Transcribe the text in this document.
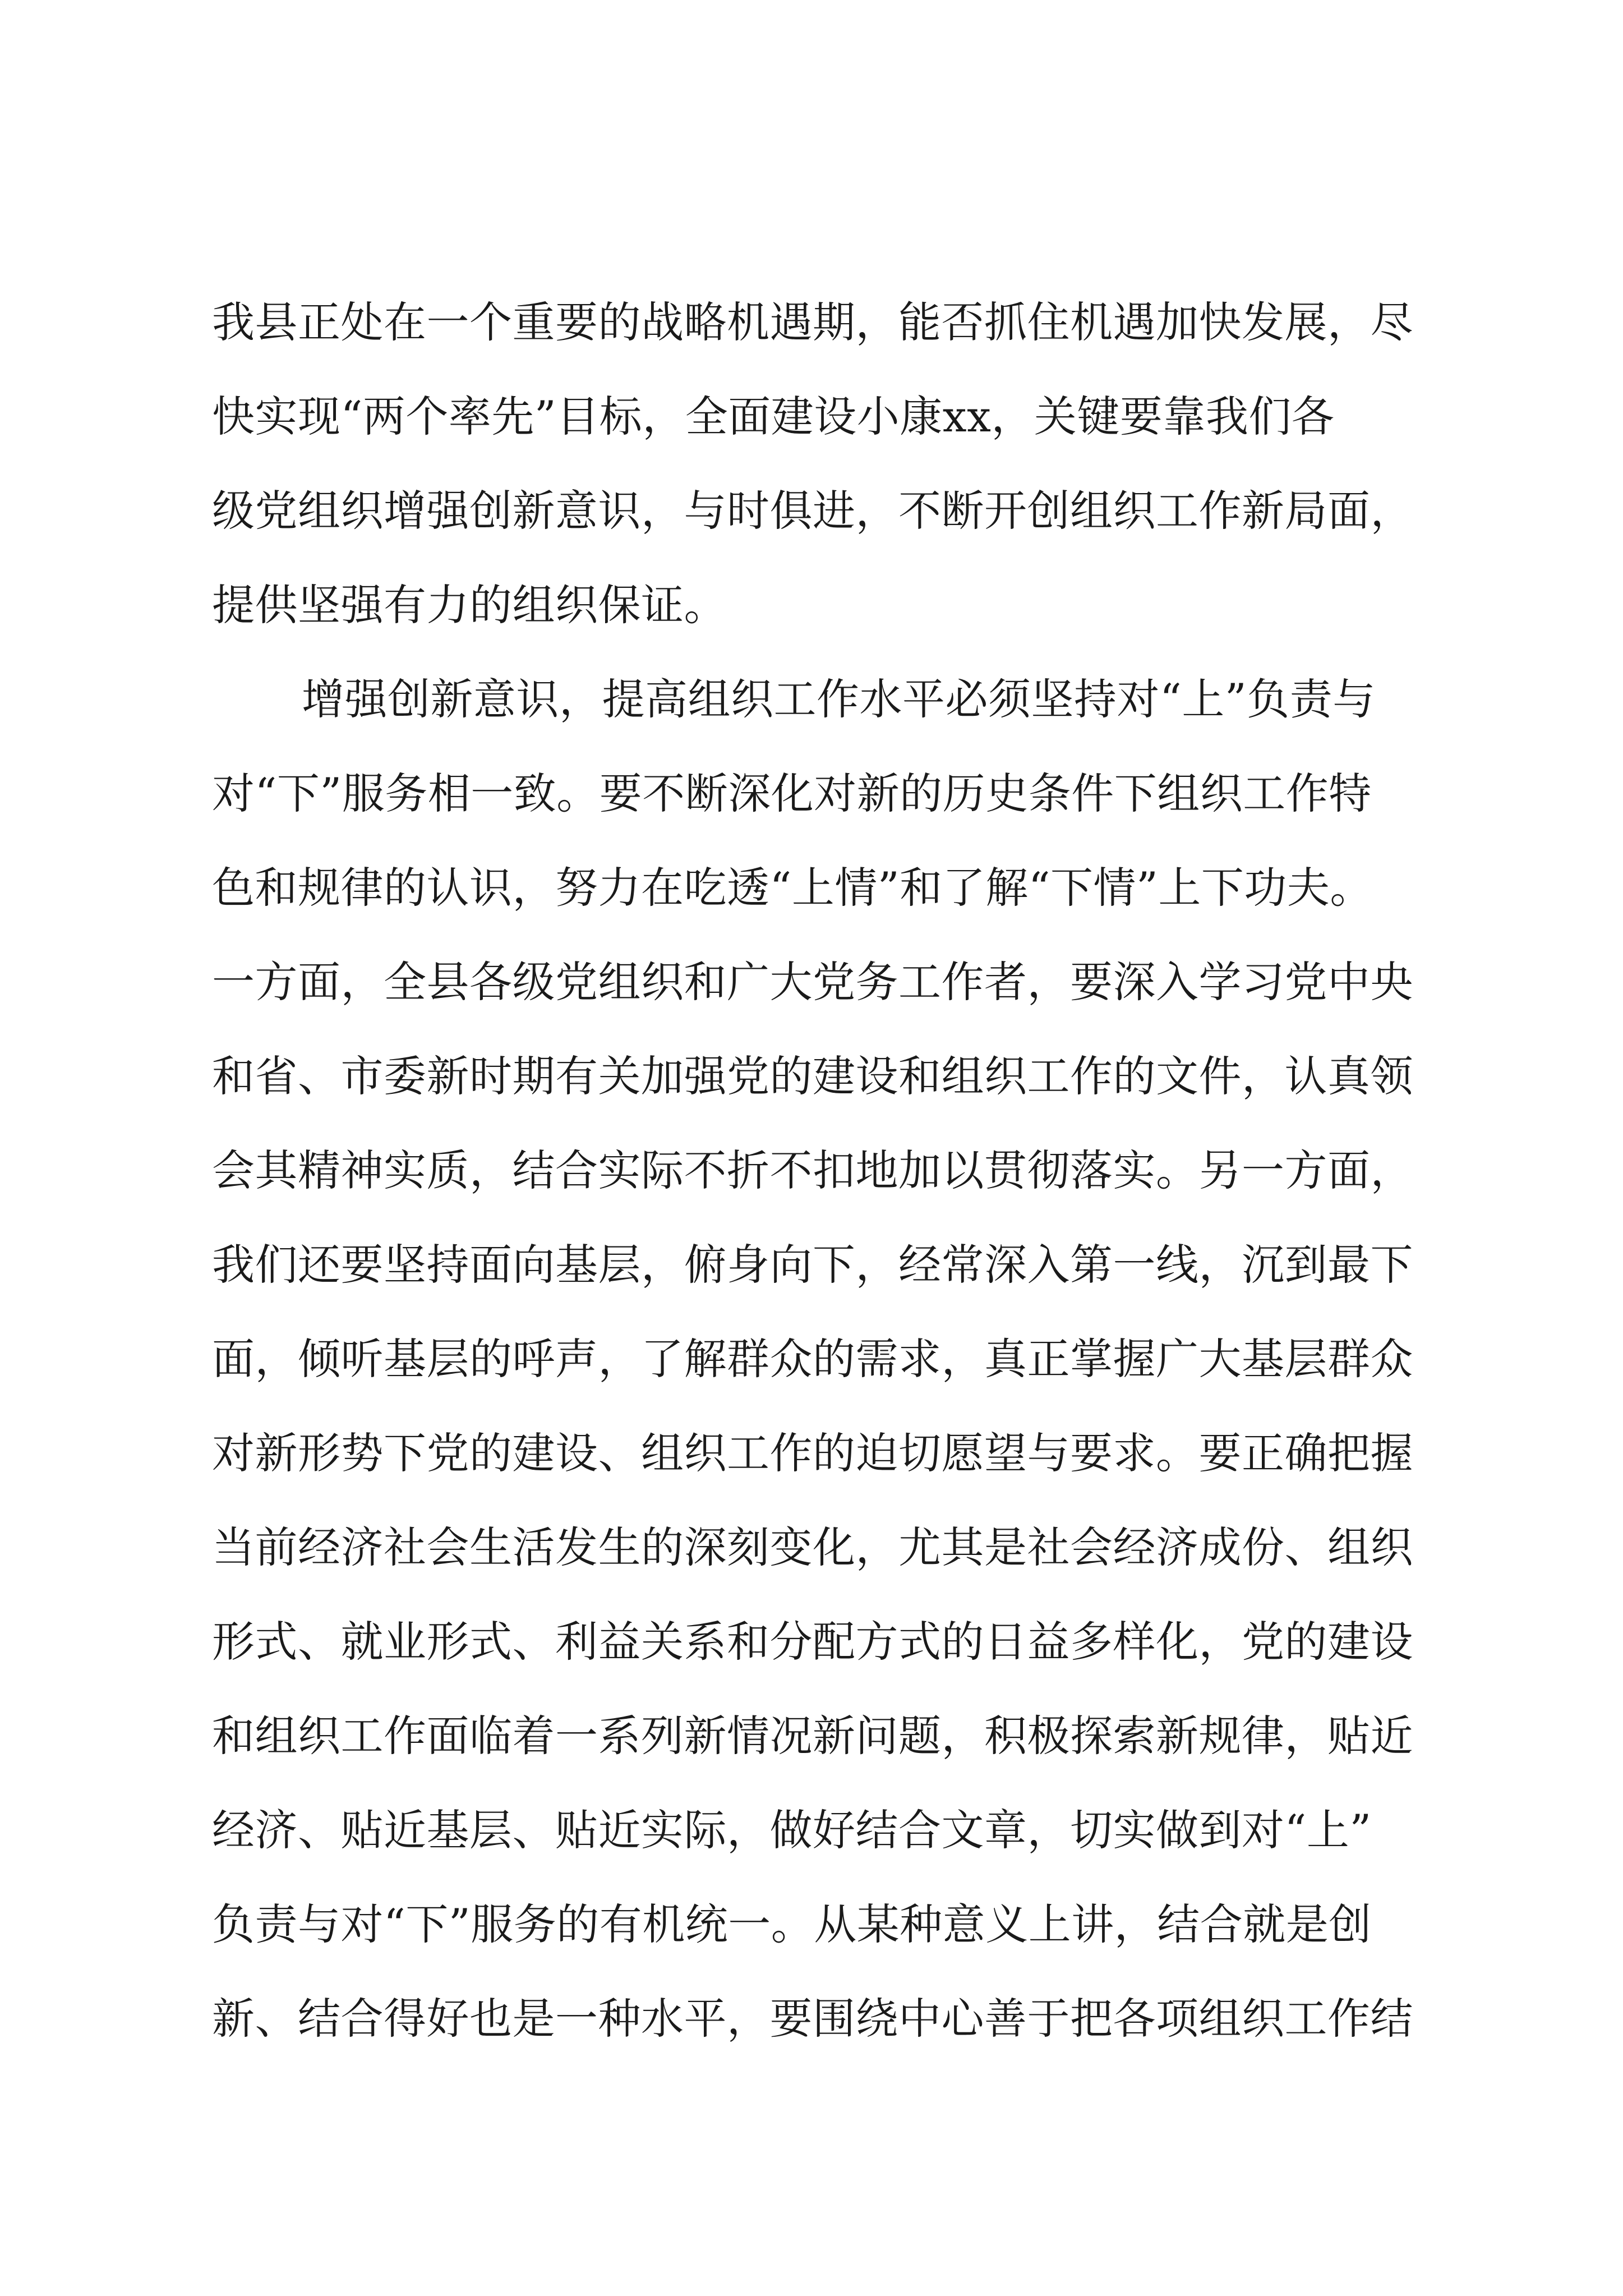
我县正处在一个重要的战略机遇期，能否抓住机遇加快发展，尽
快实现“两个率先”目标，全面建设小康xx，关键要靠我们各
级党组织增强创新意识，与时俱进，不断开创组织工作新局面，
提供坚强有力的组织保证。
增强创新意识，提高组织工作水平必须坚持对“上”负责与
对“下”服务相一致。要不断深化对新的历史条件下组织工作特
色和规律的认识，努力在吃透“上情”和了解“下情”上下功夫。
一方面，全县各级党组织和广大党务工作者，要深入学习党中央
和省、市委新时期有关加强党的建设和组织工作的文件，认真领
会其精神实质，结合实际不折不扣地加以贯彻落实。另一方面，
我们还要坚持面向基层，俯身向下，经常深入第一线，沉到最下
面，倾听基层的呼声，了解群众的需求，真正掌握广大基层群众
对新形势下党的建设、组织工作的迫切愿望与要求。要正确把握
当前经济社会生活发生的深刻变化，尤其是社会经济成份、组织
形式、就业形式、利益关系和分配方式的日益多样化，党的建设
和组织工作面临着一系列新情况新问题，积极探索新规律，贴近
经济、贴近基层、贴近实际，做好结合文章，切实做到对“上”
负责与对“下”服务的有机统一。从某种意义上讲，结合就是创
新、结合得好也是一种水平，要围绕中心善于把各项组织工作结
